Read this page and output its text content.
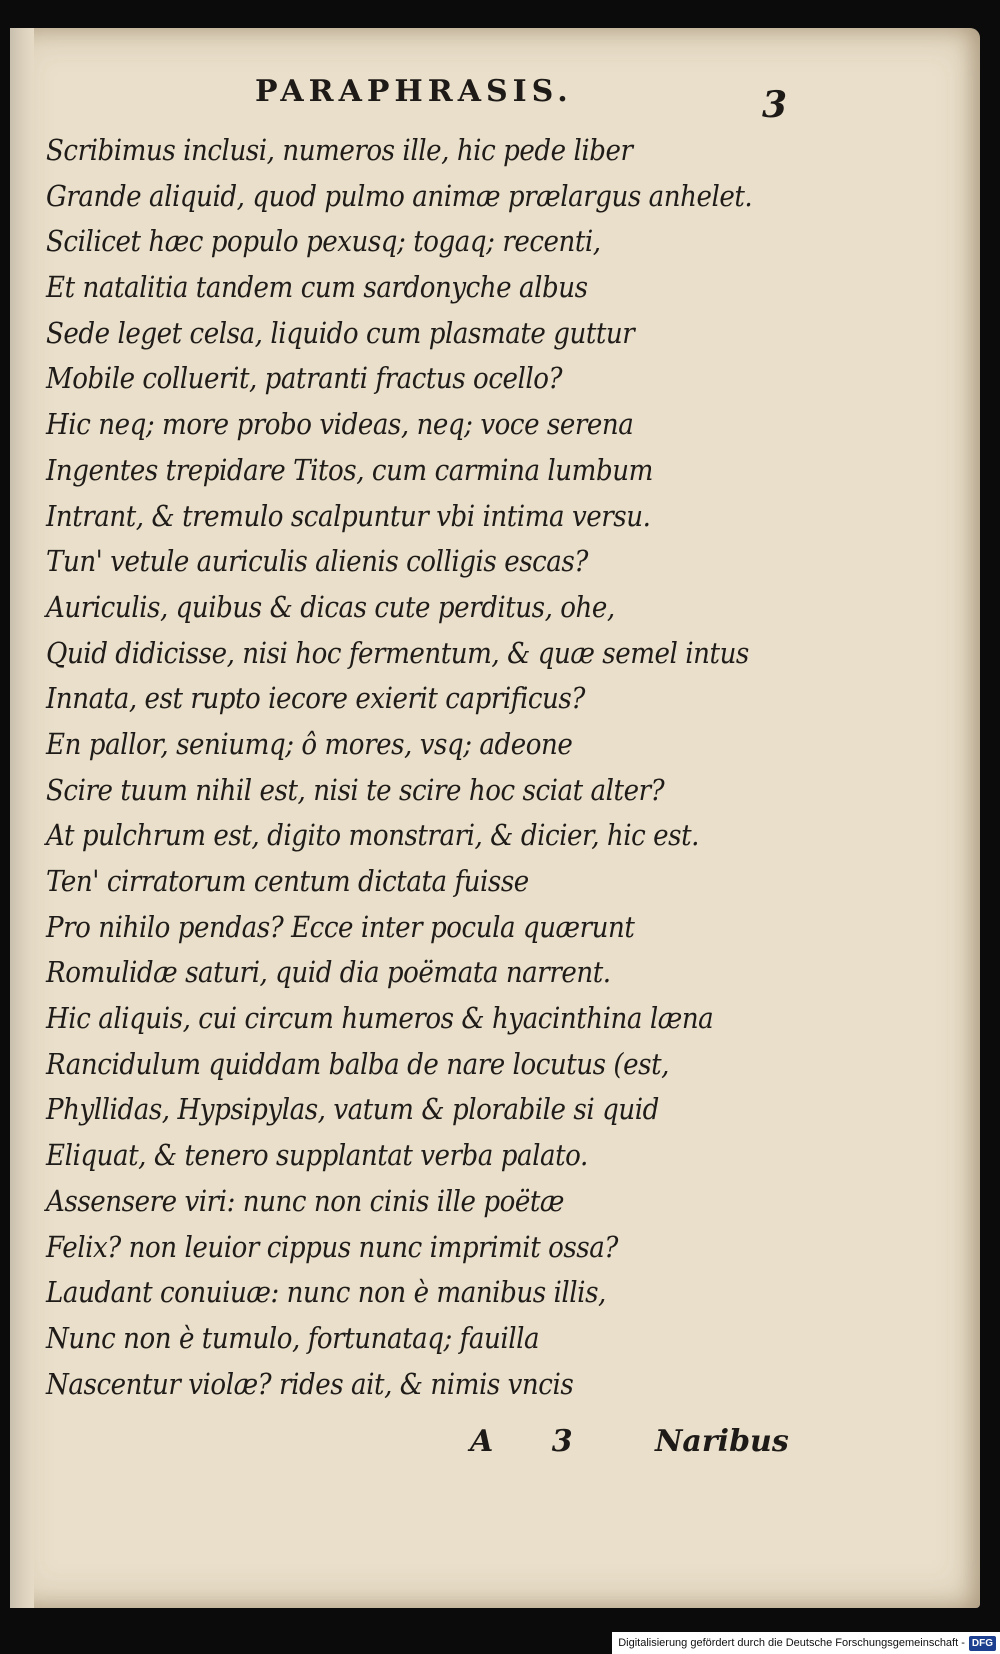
PARAPHRASIS.	3
Scribimus inclusi, numeros ille, hic pede liber
Grande aliquid, quod pulmo animæ prælargus anhelet.
Scilicet hæc populo pexusq; togaq; recenti,
Et natalitia tandem cum sardonyche albus
Sede leget celsa, liquido cum plasmate guttur
Mobile colluerit, patranti fractus ocello?
Hic neq; more probo videas, neq; voce serena
Ingentes trepidare Titos, cum carmina lumbum
Intrant, & tremulo scalpuntur vbi intima versu.
Tun' vetule auriculis alienis colligis escas?
Auriculis, quibus & dicas cute perditus, ohe,
Quid didicisse, nisi hoc fermentum, & quæ semel intus
Innata, est rupto iecore exierit caprificus?
En pallor, seniumq; ô mores, vsq; adeone
Scire tuum nihil est, nisi te scire hoc sciat alter?
At pulchrum est, digito monstrari, & dicier, hic est.
Ten' cirratorum centum dictata fuisse
Pro nihilo pendas? Ecce inter pocula quærunt
Romulidæ saturi, quid dia poëmata narrent.
Hic aliquis, cui circum humeros & hyacinthina læna
Rancidulum quiddam balba de nare locutus (est,
Phyllidas, Hypsipylas, vatum & plorabile si quid
Eliquat, & tenero supplantat verba palato.
Assensere viri: nunc non cinis ille poëtæ
Felix? non leuior cippus nunc imprimit ossa?
Laudant conuiuæ: nunc non è manibus illis,
Nunc non è tumulo, fortunataq; fauilla
Nascentur violæ? rides ait, & nimis vncis
A 3 Naribus
Digitalisierung gefördert durch die Deutsche Forschungsgemeinschaft - DFG
